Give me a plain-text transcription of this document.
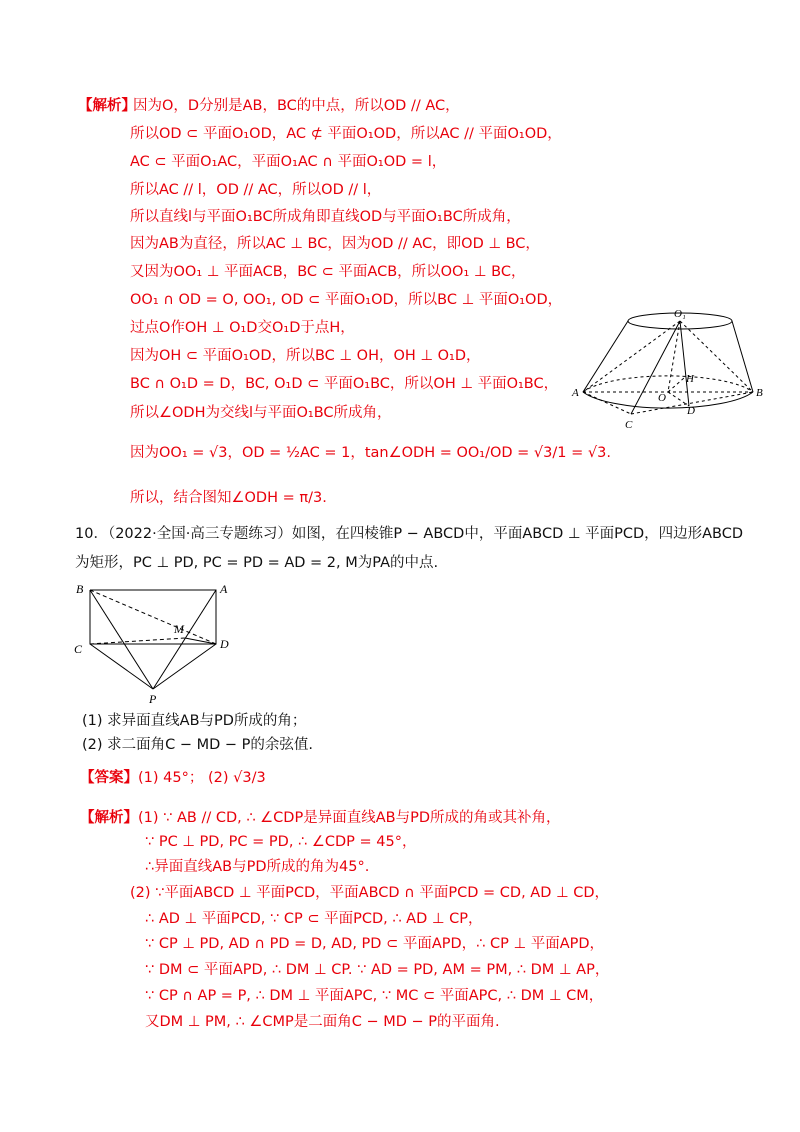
【解析】
因为O，D分别是AB，BC的中点，所以OD // AC，
所以OD ⊂ 平面O₁OD，AC ⊄ 平面O₁OD，所以AC // 平面O₁OD，
AC ⊂ 平面O₁AC，平面O₁AC ∩ 平面O₁OD = l，
所以AC // l，OD // AC，所以OD // l，
所以直线l与平面O₁BC所成角即直线OD与平面O₁BC所成角，
因为AB为直径，所以AC ⊥ BC，因为OD // AC，即OD ⊥ BC，
又因为OO₁ ⊥ 平面ACB，BC ⊂ 平面ACB，所以OO₁ ⊥ BC，
OO₁ ∩ OD = O, OO₁, OD ⊂ 平面O₁OD，所以BC ⊥ 平面O₁OD，
过点O作OH ⊥ O₁D交O₁D于点H，
因为OH ⊂ 平面O₁OD，所以BC ⊥ OH，OH ⊥ O₁D，
BC ∩ O₁D = D，BC, O₁D ⊂ 平面O₁BC，所以OH ⊥ 平面O₁BC，
所以∠ODH为交线l与平面O₁BC所成角，
因为OO₁ = √3，OD = ½AC = 1，tan∠ODH = OO₁/OD = √3/1 = √3.
所以，结合图知∠ODH = π/3.
O₁
H
A	O
D
B
C
10．（2022·全国·高三专题练习）如图，在四棱锥P − ABCD中，平面ABCD ⊥ 平面PCD，四边形ABCD
为矩形，PC ⊥ PD, PC = PD = AD = 2, M为PA的中点.
B	A
M
C	D
P
(1) 求异面直线AB与PD所成的角；
(2) 求二面角C − MD − P的余弦值.
【答案】 (1) 45°； (2) √3/3
【解析】 (1) ∵ AB // CD, ∴ ∠CDP是异面直线AB与PD所成的角或其补角，
∵ PC ⊥ PD, PC = PD, ∴ ∠CDP = 45°，
∴异面直线AB与PD所成的角为45°.
(2) ∵平面ABCD ⊥ 平面PCD，平面ABCD ∩ 平面PCD = CD, AD ⊥ CD，
∴ AD ⊥ 平面PCD, ∵ CP ⊂ 平面PCD, ∴ AD ⊥ CP，
∵ CP ⊥ PD, AD ∩ PD = D, AD, PD ⊂ 平面APD，∴ CP ⊥ 平面APD，
∵ DM ⊂ 平面APD, ∴ DM ⊥ CP. ∵ AD = PD, AM = PM, ∴ DM ⊥ AP，
∵ CP ∩ AP = P, ∴ DM ⊥ 平面APC, ∵ MC ⊂ 平面APC, ∴ DM ⊥ CM，
又DM ⊥ PM, ∴ ∠CMP是二面角C − MD − P的平面角.
